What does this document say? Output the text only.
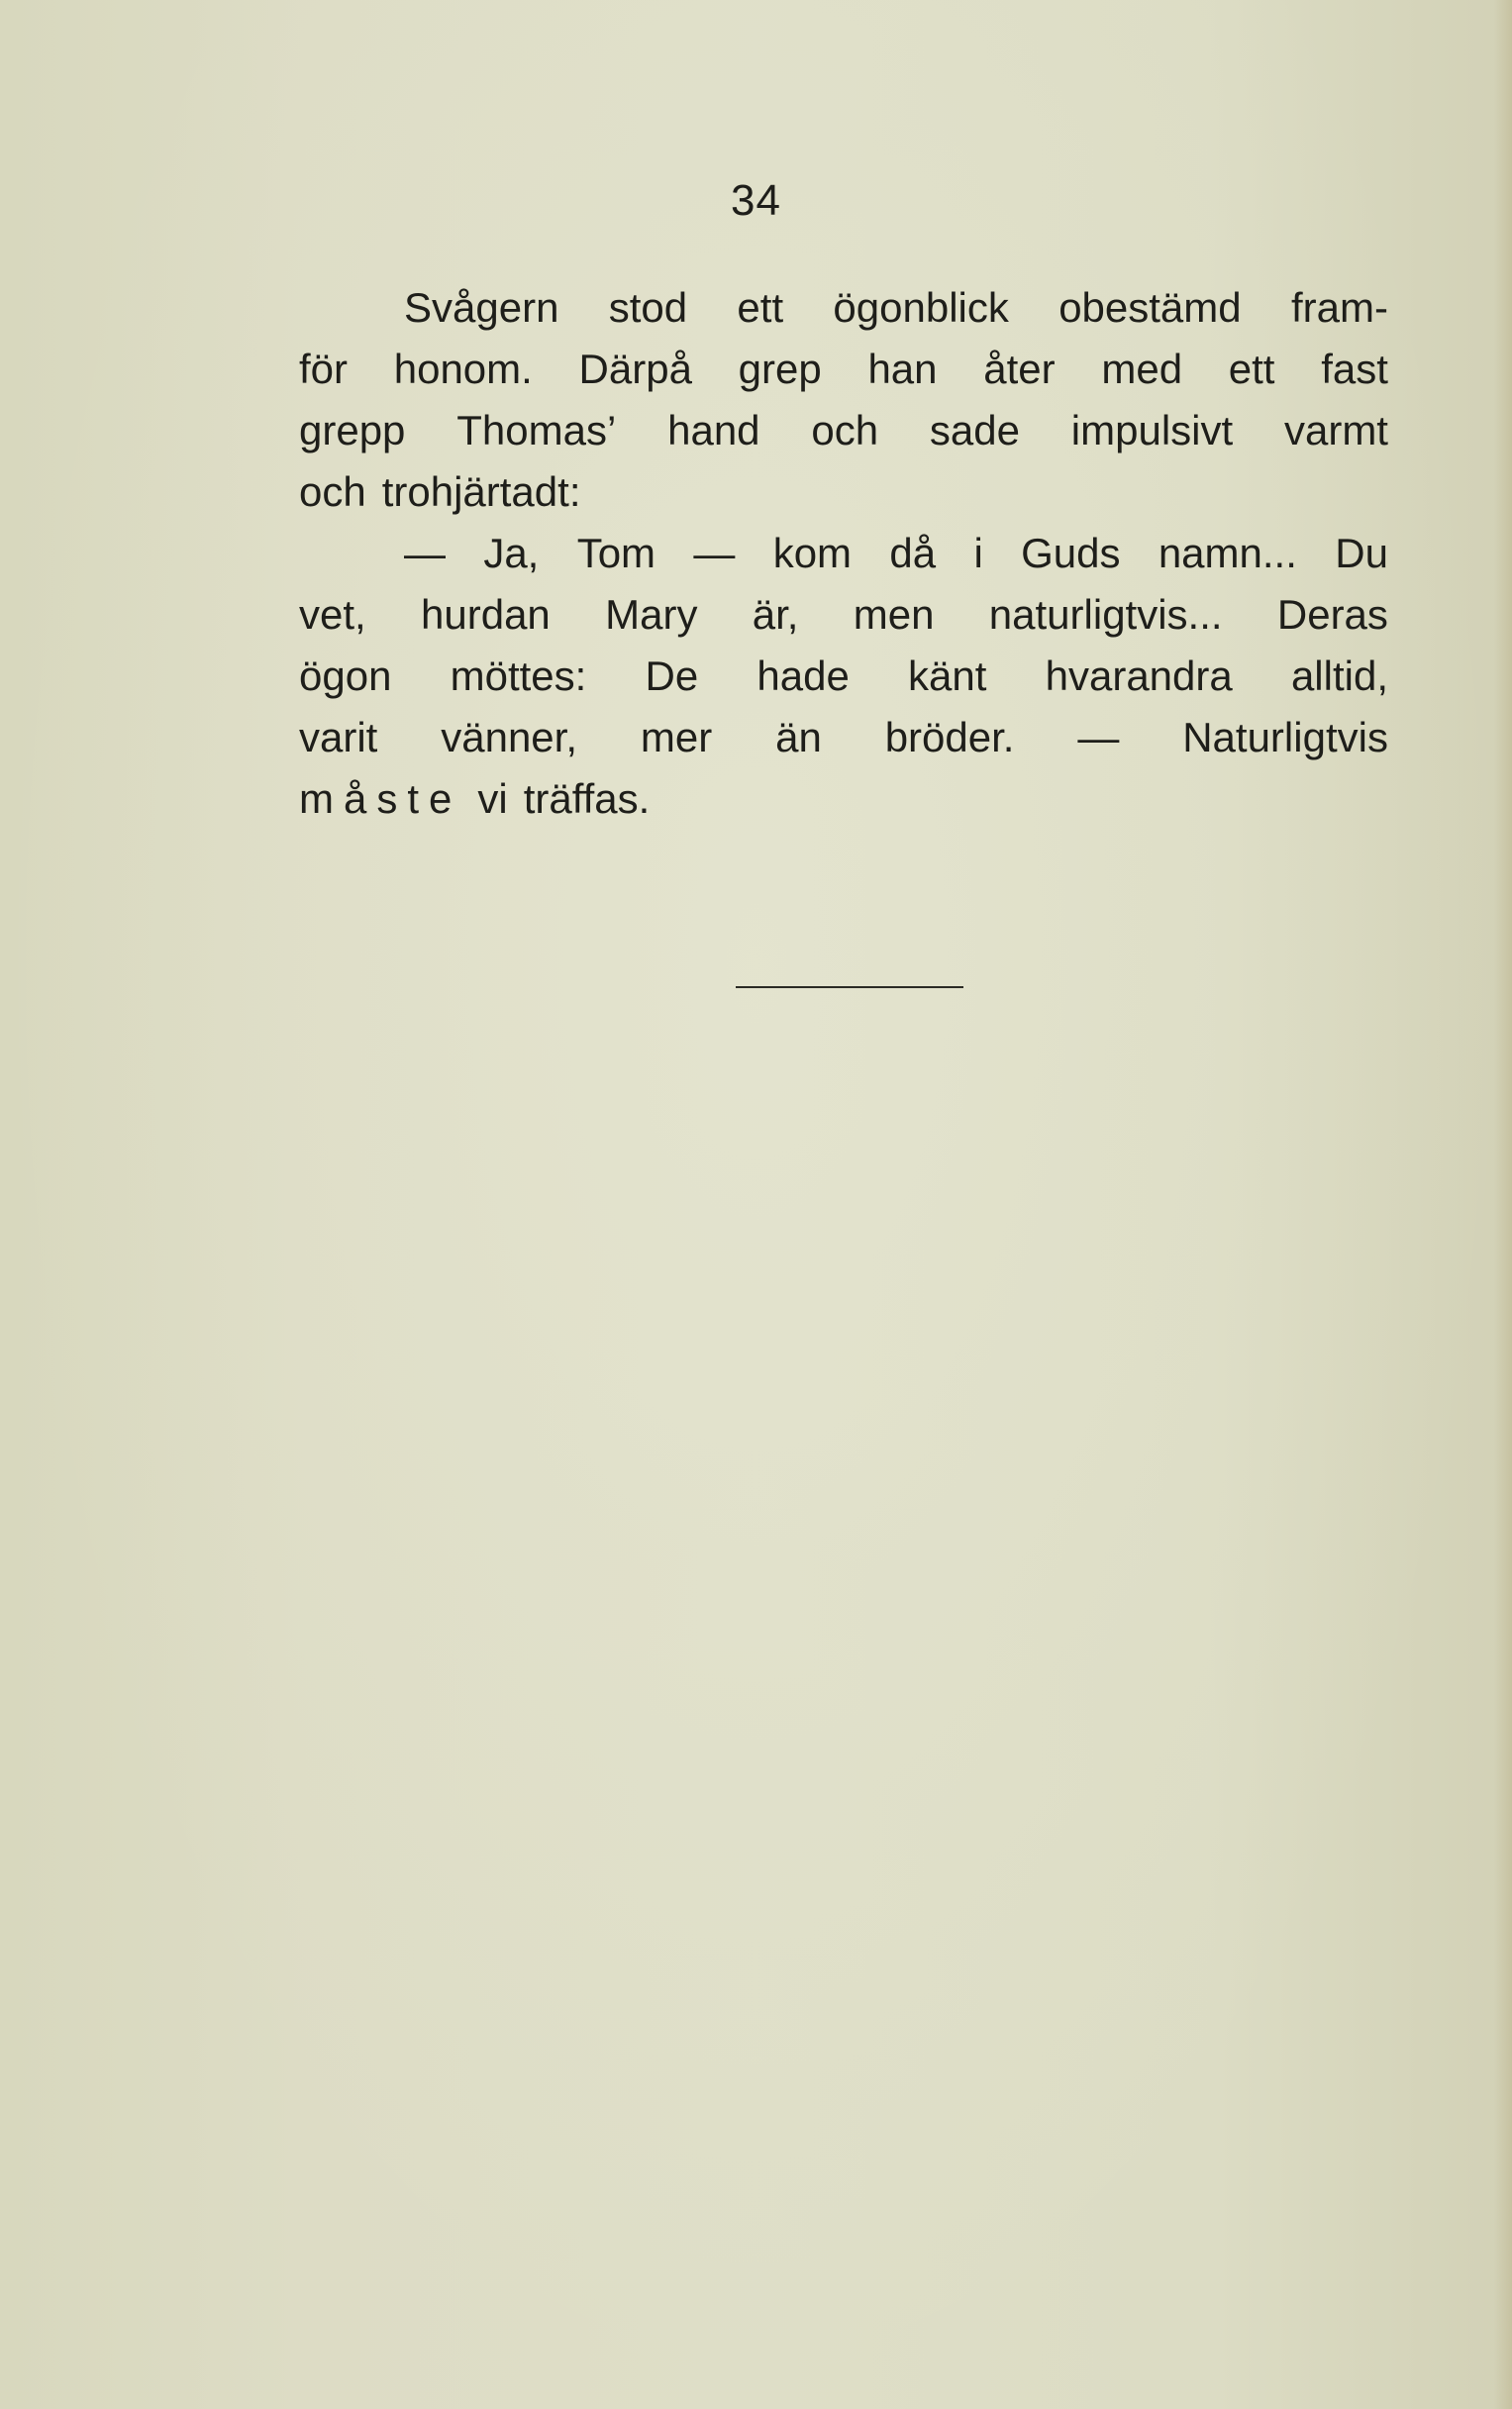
34
Svågern stod ett ögonblick obestämd fram-
för honom. Därpå grep han åter med ett fast
grepp Thomas’ hand och sade impulsivt varmt
och trohjärtadt:
— Ja, Tom — kom då i Guds namn... Du
vet, hurdan Mary är, men naturligtvis... Deras
ögon möttes: De hade känt hvarandra alltid,
varit vänner, mer än bröder. — Naturligtvis
måste vi träffas.
